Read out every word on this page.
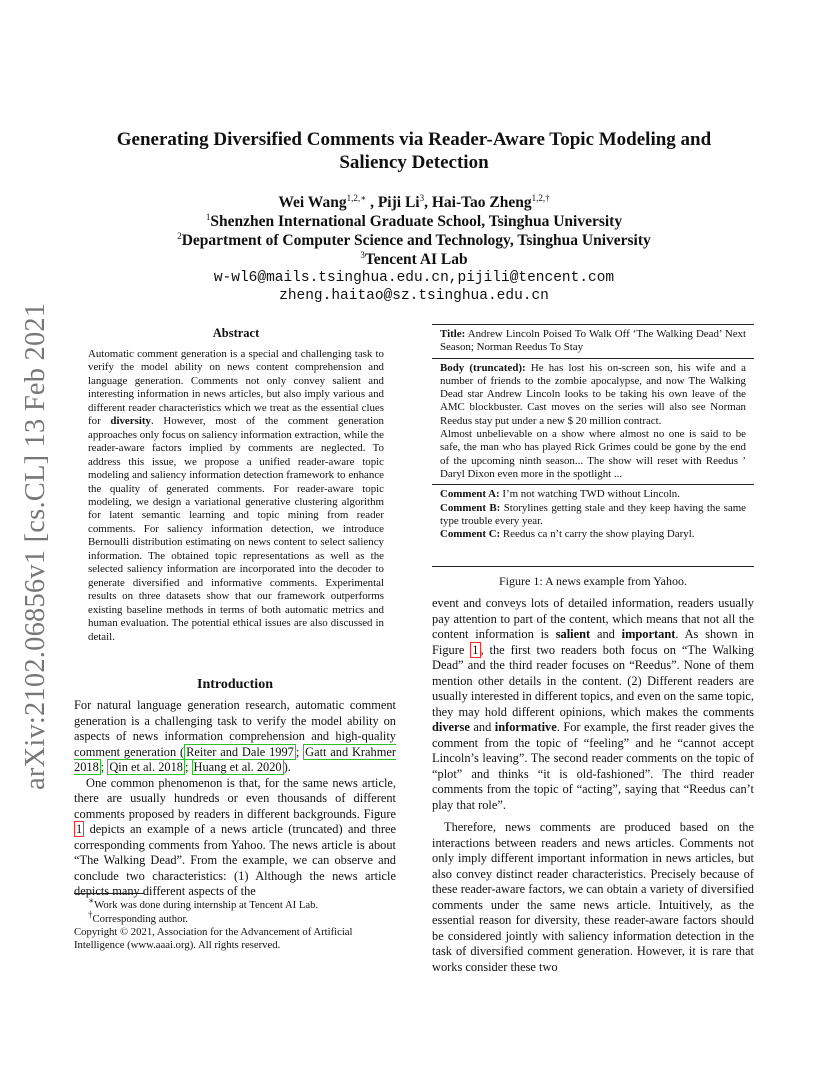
arXiv:2102.06856v1 [cs.CL] 13 Feb 2021
Generating Diversified Comments via Reader-Aware Topic Modeling and Saliency Detection
Wei Wang$^{1,2,∗}$ , Piji Li$^3$, Hai-Tao Zheng$^{1,2,\dagger}$
$^1$Shenzhen International Graduate School, Tsinghua University
$^2$Department of Computer Science and Technology, Tsinghua University
$^3$Tencent AI Lab
w-wl6@mails.tsinghua.edu.cn,pijili@tencent.com
zheng.haitao@sz.tsinghua.edu.cn
Abstract
Automatic comment generation is a special and challenging task to verify the model ability on news content comprehension and language generation. Comments not only convey salient and interesting information in news articles, but also imply various and different reader characteristics which we treat as the essential clues for diversity. However, most of the comment generation approaches only focus on saliency information extraction, while the reader-aware factors implied by comments are neglected. To address this issue, we propose a unified reader-aware topic modeling and saliency information detection framework to enhance the quality of generated comments. For reader-aware topic modeling, we design a variational generative clustering algorithm for latent semantic learning and topic mining from reader comments. For saliency information detection, we introduce Bernoulli distribution estimating on news content to select saliency information. The obtained topic representations as well as the selected saliency information are incorporated into the decoder to generate diversified and informative comments. Experimental results on three datasets show that our framework outperforms existing baseline methods in terms of both automatic metrics and human evaluation. The potential ethical issues are also discussed in detail.
Introduction

For natural language generation research, automatic comment generation is a challenging task to verify the model ability on aspects of news information comprehension and high-quality comment generation ( Reiter and Dale 1997 ; Gatt and Krahmer 2018 ; Qin et al. 2018 ; Huang et al. 2020 ).

One common phenomenon is that, for the same news article, there are usually hundreds or even thousands of different comments proposed by readers in different backgrounds. Figure 1 depicts an example of a news article (truncated) and three corresponding comments from Yahoo. The news article is about “The Walking Dead”. From the example, we can observe and conclude two characteristics: (1) Although the news article depicts many different aspects of the

∗Work was done during internship at Tencent AI Lab.
†Corresponding author.
Copyright © 2021, Association for the Advancement of Artificial Intelligence (www.aaai.org). All rights reserved.
Title: Andrew Lincoln Poised To Walk Off ‘The Walking Dead’ Next Season; Norman Reedus To Stay
Body (truncated): He has lost his on-screen son, his wife and a number of friends to the zombie apocalypse, and now The Walking Dead star Andrew Lincoln looks to be taking his own leave of the AMC blockbuster. Cast moves on the series will also see Norman Reedus stay put under a new $ 20 million contract.
Almost unbelievable on a show where almost no one is said to be safe, the man who has played Rick Grimes could be gone by the end of the upcoming ninth season... The show will reset with Reedus ’ Daryl Dixon even more in the spotlight ...
Comment A: I’m not watching TWD without Lincoln.
Comment B: Storylines getting stale and they keep having the same type trouble every year.
Comment C: Reedus ca n’t carry the show playing Daryl.
Figure 1: A news example from Yahoo.

event and conveys lots of detailed information, readers usually pay attention to part of the content, which means that not all the content information is salient and important. As shown in Figure 1 , the first two readers both focus on “The Walking Dead” and the third reader focuses on “Reedus”. None of them mention other details in the content. (2) Different readers are usually interested in different topics, and even on the same topic, they may hold different opinions, which makes the comments diverse and informative. For example, the first reader gives the comment from the topic of “feeling” and he “cannot accept Lincoln’s leaving”. The second reader comments on the topic of “plot” and thinks “it is old-fashioned”. The third reader comments from the topic of “acting”, saying that “Reedus can’t play that role”.

Therefore, news comments are produced based on the interactions between readers and news articles. Comments not only imply different important information in news articles, but also convey distinct reader characteristics. Precisely because of these reader-aware factors, we can obtain a variety of diversified comments under the same news article. Intuitively, as the essential reason for diversity, these reader-aware factors should be considered jointly with saliency information detection in the task of diversified comment generation. However, it is rare that works consider these two
